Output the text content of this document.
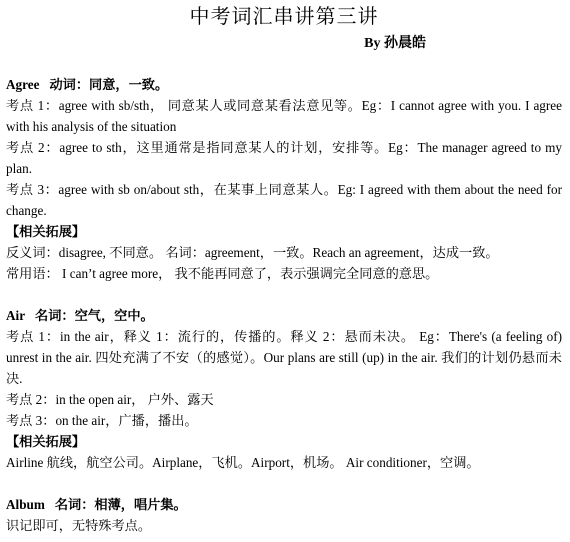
中考词汇串讲第三讲
By 孙晨皓

Agree 动词：同意，一致。

考点 1：agree with sb/sth， 同意某人或同意某看法意见等。Eg：I cannot agree with you. I agree with his analysis of the situation

考点 2：agree to sth，这里通常是指同意某人的计划，安排等。Eg：The manager agreed to my plan.

考点 3：agree with sb on/about sth，在某事上同意某人。Eg: I agreed with them about the need for change.

【相关拓展】

反义词：disagree, 不同意。 名词：agreement，一致。Reach an agreement，达成一致。

常用语： I can’t agree more， 我不能再同意了，表示强调完全同意的意思。

Air 名词：空气，空中。

考点 1：in the air，释义 1：流行的，传播的。释义 2：悬而未决。 Eg：There's (a feeling of) unrest in the air. 四处充满了不安（的感觉）。Our plans are still (up) in the air. 我们的计划仍悬而未决.

考点 2：in the open air， 户外、露天

考点 3：on the air，广播，播出。

【相关拓展】

Airline 航线，航空公司。Airplane，飞机。Airport，机场。 Air conditioner，空调。

Album 名词：相薄，唱片集。

识记即可，无特殊考点。
